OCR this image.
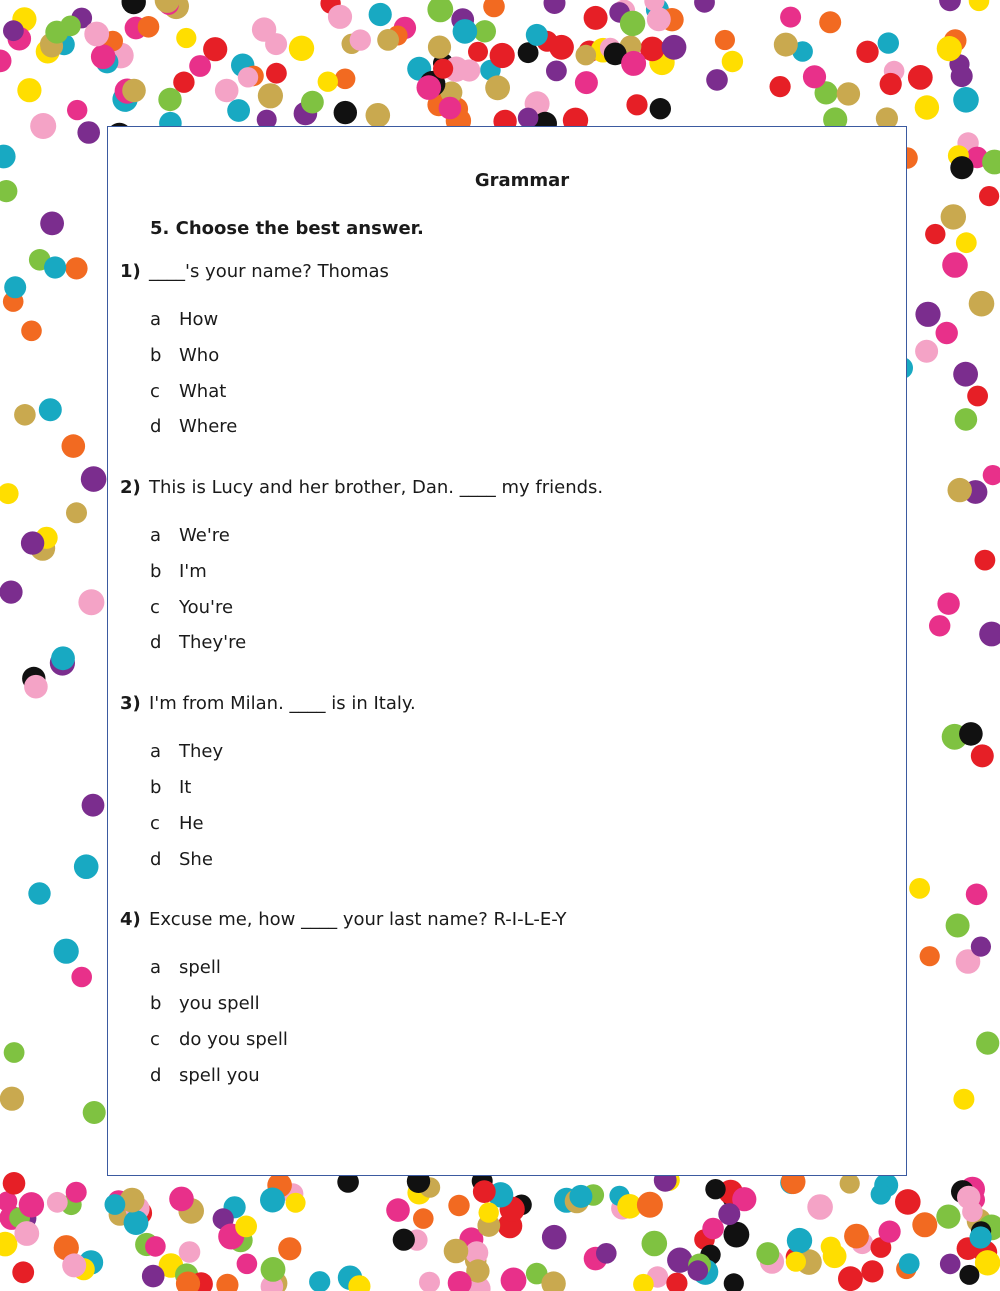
Grammar
5. Choose the best answer.
1) ____'s your name? Thomas
a How
b Who
c What
d Where
2) This is Lucy and her brother, Dan. ____ my friends.
a We're
b I'm
c You're
d They're
3) I'm from Milan. ____ is in Italy.
a They
b It
c He
d She
4) Excuse me, how ____ your last name? R-I-L-E-Y
a spell
b you spell
c do you spell
d spell you
